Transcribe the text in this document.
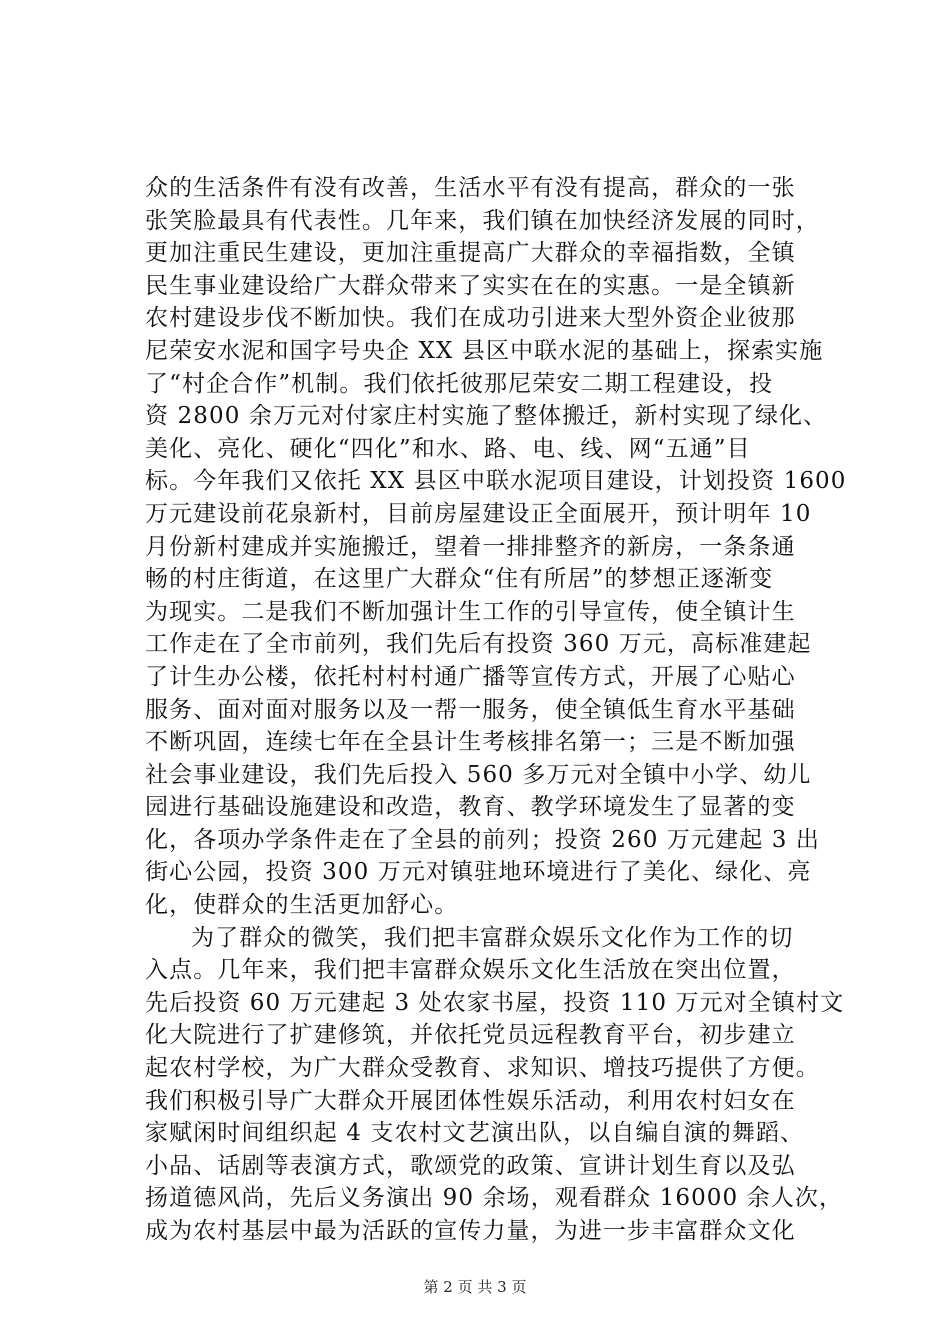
众的生活条件有没有改善，生活水平有没有提高，群众的一张
张笑脸最具有代表性。几年来，我们镇在加快经济发展的同时，
更加注重民生建设，更加注重提高广大群众的幸福指数，全镇
民生事业建设给广大群众带来了实实在在的实惠。一是全镇新
农村建设步伐不断加快。我们在成功引进来大型外资企业彼那
尼荣安水泥和国字号央企 XX 县区中联水泥的基础上，探索实施
了“村企合作”机制。我们依托彼那尼荣安二期工程建设，投
资 2800 余万元对付家庄村实施了整体搬迁，新村实现了绿化、
美化、亮化、硬化“四化”和水、路、电、线、网“五通”目
标。今年我们又依托 XX 县区中联水泥项目建设，计划投资 1600
万元建设前花泉新村，目前房屋建设正全面展开，预计明年 10
月份新村建成并实施搬迁，望着一排排整齐的新房，一条条通
畅的村庄街道，在这里广大群众“住有所居”的梦想正逐渐变
为现实。二是我们不断加强计生工作的引导宣传，使全镇计生
工作走在了全市前列，我们先后有投资 360 万元，高标准建起
了计生办公楼，依托村村村通广播等宣传方式，开展了心贴心
服务、面对面对服务以及一帮一服务，使全镇低生育水平基础
不断巩固，连续七年在全县计生考核排名第一；三是不断加强
社会事业建设，我们先后投入 560 多万元对全镇中小学、幼儿
园进行基础设施建设和改造，教育、教学环境发生了显著的变
化，各项办学条件走在了全县的前列；投资 260 万元建起 3 出
街心公园，投资 300 万元对镇驻地环境进行了美化、绿化、亮
化，使群众的生活更加舒心。
为了群众的微笑，我们把丰富群众娱乐文化作为工作的切
入点。几年来，我们把丰富群众娱乐文化生活放在突出位置，
先后投资 60 万元建起 3 处农家书屋，投资 110 万元对全镇村文
化大院进行了扩建修筑，并依托党员远程教育平台，初步建立
起农村学校，为广大群众受教育、求知识、增技巧提供了方便。
我们积极引导广大群众开展团体性娱乐活动，利用农村妇女在
家赋闲时间组织起 4 支农村文艺演出队，以自编自演的舞蹈、
小品、话剧等表演方式，歌颂党的政策、宣讲计划生育以及弘
扬道德风尚，先后义务演出 90 余场，观看群众 16000 余人次，
成为农村基层中最为活跃的宣传力量，为进一步丰富群众文化
第 2 页 共 3 页
